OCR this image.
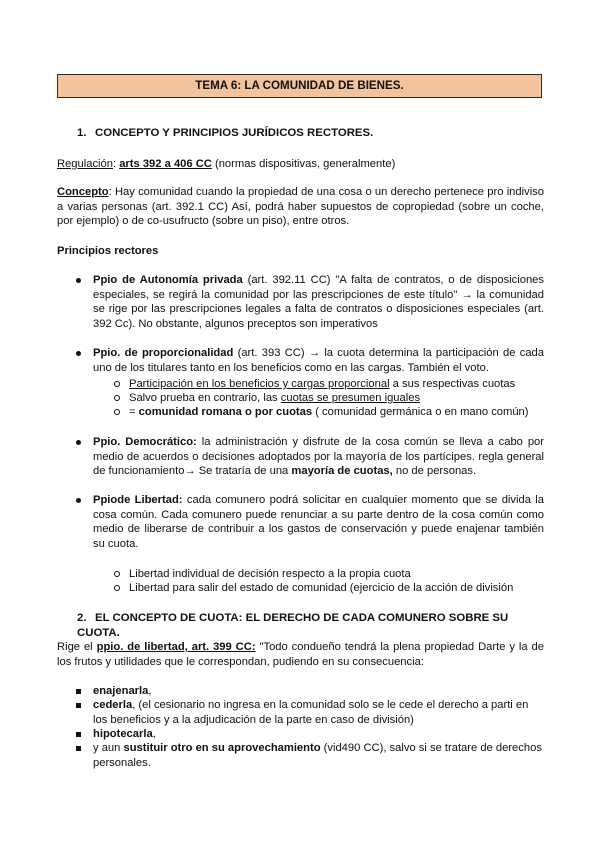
TEMA 6: LA COMUNIDAD DE BIENES.
1. CONCEPTO Y PRINCIPIOS JURÍDICOS RECTORES.
Regulación: arts 392 a 406 CC (normas dispositivas, generalmente)
Concepto: Hay comunidad cuando la propiedad de una cosa o un derecho pertenece pro indiviso a varias personas (art. 392.1 CC) Así, podrá haber supuestos de copropiedad (sobre un coche, por ejemplo) o de co-usufructo (sobre un piso), entre otros.
Principios rectores
Ppio de Autonomía privada (art. 392.11 CC) "A falta de contratos, o de disposiciones especiales, se regirá la comunidad por las prescripciones de este título" → la comunidad se rige por las prescripciones legales a falta de contratos o disposiciones especiales (art. 392 Cc). No obstante, algunos preceptos son imperativos
Ppio. de proporcionalidad (art. 393 CC) → la cuota determina la participación de cada uno de los titulares tanto en los beneficios como en las cargas. También el voto.
Participación en los beneficios y cargas proporcional a sus respectivas cuotas
Salvo prueba en contrario, las cuotas se presumen iguales
= comunidad romana o por cuotas ( comunidad germánica o en mano común)
Ppio. Democrático: la administración y disfrute de la cosa común se lleva a cabo por medio de acuerdos o decisiones adoptados por la mayoría de los partícipes. regla general de funcionamiento→ Se trataría de una mayoría de cuotas, no de personas.
Ppiode Libertad: cada comunero podrá solicitar en cualquier momento que se divida la cosa común. Cada comunero puede renunciar a su parte dentro de la cosa común como medio de liberarse de contribuir a los gastos de conservación y puede enajenar también su cuota.
Libertad individual de decisión respecto a la propia cuota
Libertad para salir del estado de comunidad (ejercicio de la acción de división
2. EL CONCEPTO DE CUOTA: EL DERECHO DE CADA COMUNERO SOBRE SU CUOTA.
Rige el ppio. de libertad, art. 399 CC: "Todo condueño tendrá la plena propiedad Darte y la de los frutos y utilidades que le correspondan, pudiendo en su consecuencia:
enajenarla,
cederla, (el cesionario no ingresa en la comunidad solo se le cede el derecho a parti en los beneficios y a la adjudicación de la parte en caso de división)
hipotecarla,
y aun sustituir otro en su aprovechamiento (vid490 CC), salvo si se tratare de derechos personales.
